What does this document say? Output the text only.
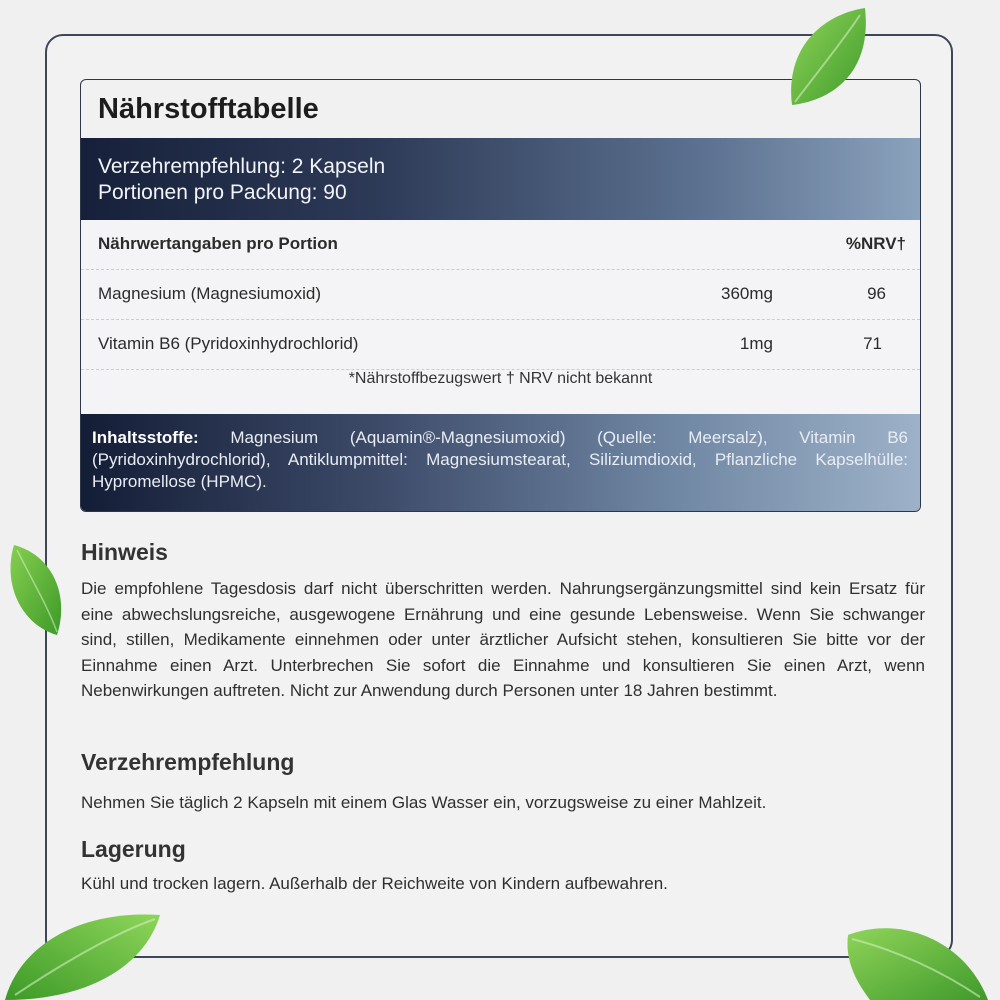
Nährstofftabelle
Verzehrempfehlung: 2 Kapseln
Portionen pro Packung: 90
Nährwertangaben pro Portion	%NRV†
Magnesium (Magnesiumoxid)	360mg	96
Vitamin B6 (Pyridoxinhydrochlorid)	1mg	71
*Nährstoffbezugswert † NRV nicht bekannt
Inhaltsstoffe: Magnesium (Aquamin®-Magnesiumoxid) (Quelle: Meersalz), Vitamin B6 (Pyridoxinhydrochlorid), Antiklumpmittel: Magnesiumstearat, Siliziumdioxid, Pflanzliche Kapselhülle: Hypromellose (HPMC).
Hinweis

Die empfohlene Tagesdosis darf nicht überschritten werden. Nahrungsergänzungsmittel sind kein Ersatz für eine abwechslungsreiche, ausgewogene Ernährung und eine gesunde Lebensweise. Wenn Sie schwanger sind, stillen, Medikamente einnehmen oder unter ärztlicher Aufsicht stehen, konsultieren Sie bitte vor der Einnahme einen Arzt. Unterbrechen Sie sofort die Einnahme und konsultieren Sie einen Arzt, wenn Nebenwirkungen auftreten. Nicht zur Anwendung durch Personen unter 18 Jahren bestimmt.

Verzehrempfehlung

Nehmen Sie täglich 2 Kapseln mit einem Glas Wasser ein, vorzugsweise zu einer Mahlzeit.

Lagerung

Kühl und trocken lagern. Außerhalb der Reichweite von Kindern aufbewahren.
